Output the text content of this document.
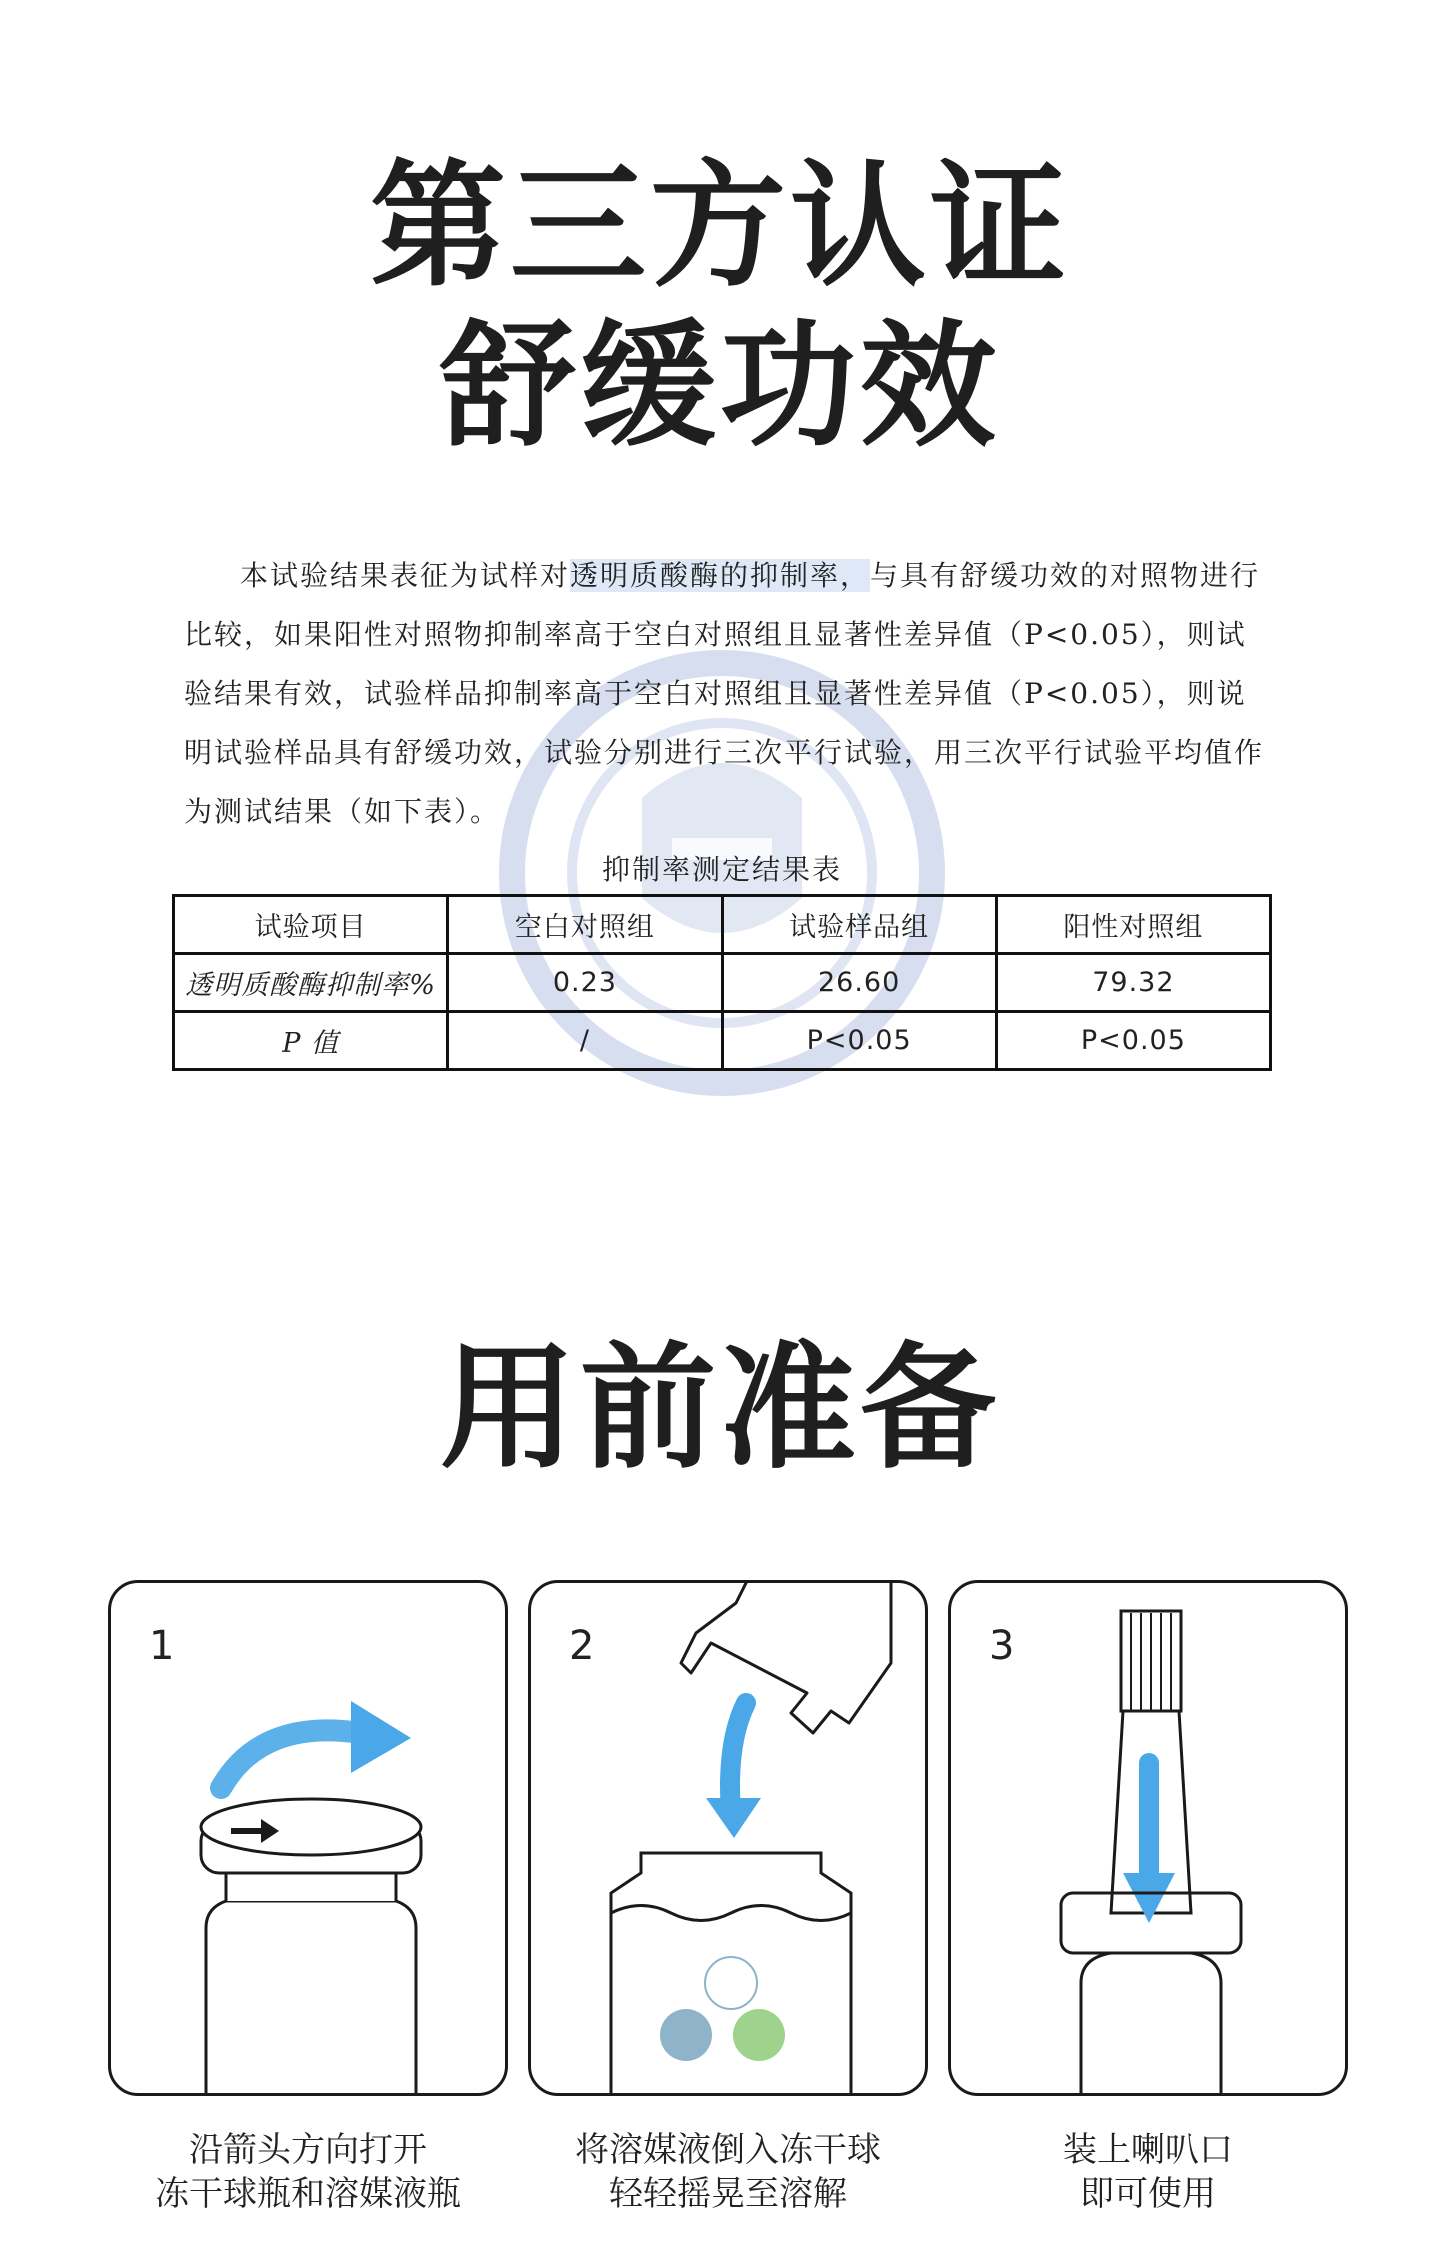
第三方认证
舒缓功效
本试验结果表征为试样对透明质酸酶的抑制率，与具有舒缓功效的对照物进行比较，如果阳性对照物抑制率高于空白对照组且显著性差异值（P<0.05），则试验结果有效，试验样品抑制率高于空白对照组且显著性差异值（P<0.05），则说明试验样品具有舒缓功效，试验分别进行三次平行试验，用三次平行试验平均值作为测试结果（如下表）。
抑制率测定结果表
试验项目	空白对照组	试验样品组	阳性对照组
透明质酸酶抑制率%	0.23	26.60	79.32
P 值	/	P<0.05	P<0.05
用前准备
1	2	3
沿箭头方向打开
冻干球瓶和溶媒液瓶
将溶媒液倒入冻干球
轻轻摇晃至溶解
装上喇叭口
即可使用
